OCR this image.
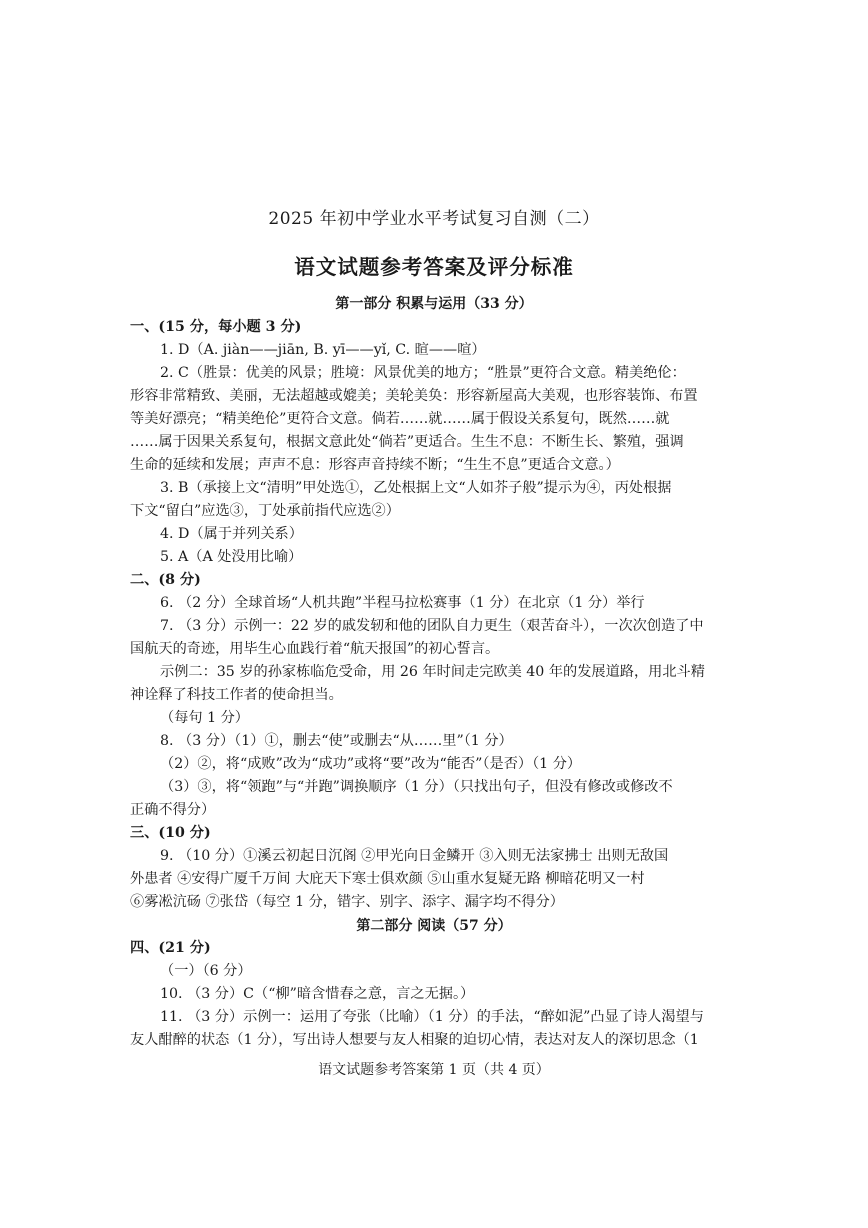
2025 年初中学业水平考试复习自测（二）
语文试题参考答案及评分标准
第一部分 积累与运用（33 分）
一、(15 分，每小题 3 分)
1. D（A. jiàn——jiān, B. yī——yǐ, C. 暄——喧）
2. C（胜景：优美的风景；胜境：风景优美的地方；“胜景”更符合文意。精美绝伦：
形容非常精致、美丽，无法超越或媲美；美轮美奂：形容新屋高大美观，也形容装饰、布置
等美好漂亮；“精美绝伦”更符合文意。倘若……就……属于假设关系复句，既然……就
……属于因果关系复句，根据文意此处“倘若”更适合。生生不息：不断生长、繁殖，强调
生命的延续和发展；声声不息：形容声音持续不断；“生生不息”更适合文意。）
3. B（承接上文“清明”甲处选①，乙处根据上文“人如芥子般”提示为④，丙处根据
下文“留白”应选③，丁处承前指代应选②）
4. D（属于并列关系）
5. A（A 处没用比喻）
二、(8 分)
6. （2 分）全球首场“人机共跑”半程马拉松赛事（1 分）在北京（1 分）举行
7. （3 分）示例一：22 岁的戚发轫和他的团队自力更生（艰苦奋斗），一次次创造了中
国航天的奇迹，用毕生心血践行着“航天报国”的初心誓言。
示例二：35 岁的孙家栋临危受命，用 26 年时间走完欧美 40 年的发展道路，用北斗精
神诠释了科技工作者的使命担当。
（每句 1 分）
8. （3 分）（1）①，删去“使”或删去“从……里”（1 分）
（2）②，将“成败”改为“成功”或将“要”改为“能否”（是否）（1 分）
（3）③，将“领跑”与“并跑”调换顺序（1 分）（只找出句子，但没有修改或修改不
正确不得分）
三、(10 分)
9. （10 分）①溪云初起日沉阁 ②甲光向日金鳞开 ③入则无法家拂士 出则无敌国
外患者 ④安得广厦千万间 大庇天下寒士俱欢颜 ⑤山重水复疑无路 柳暗花明又一村
⑥雾凇沆砀 ⑦张岱（每空 1 分，错字、别字、添字、漏字均不得分）
第二部分 阅读（57 分）
四、(21 分)
（一）（6 分）
10. （3 分）C（“柳”暗含惜春之意，言之无据。）
11. （3 分）示例一：运用了夸张（比喻）（1 分）的手法，“醉如泥”凸显了诗人渴望与
友人酣醉的状态（1 分），写出诗人想要与友人相聚的迫切心情，表达对友人的深切思念（1
语文试题参考答案第 1 页（共 4 页）
